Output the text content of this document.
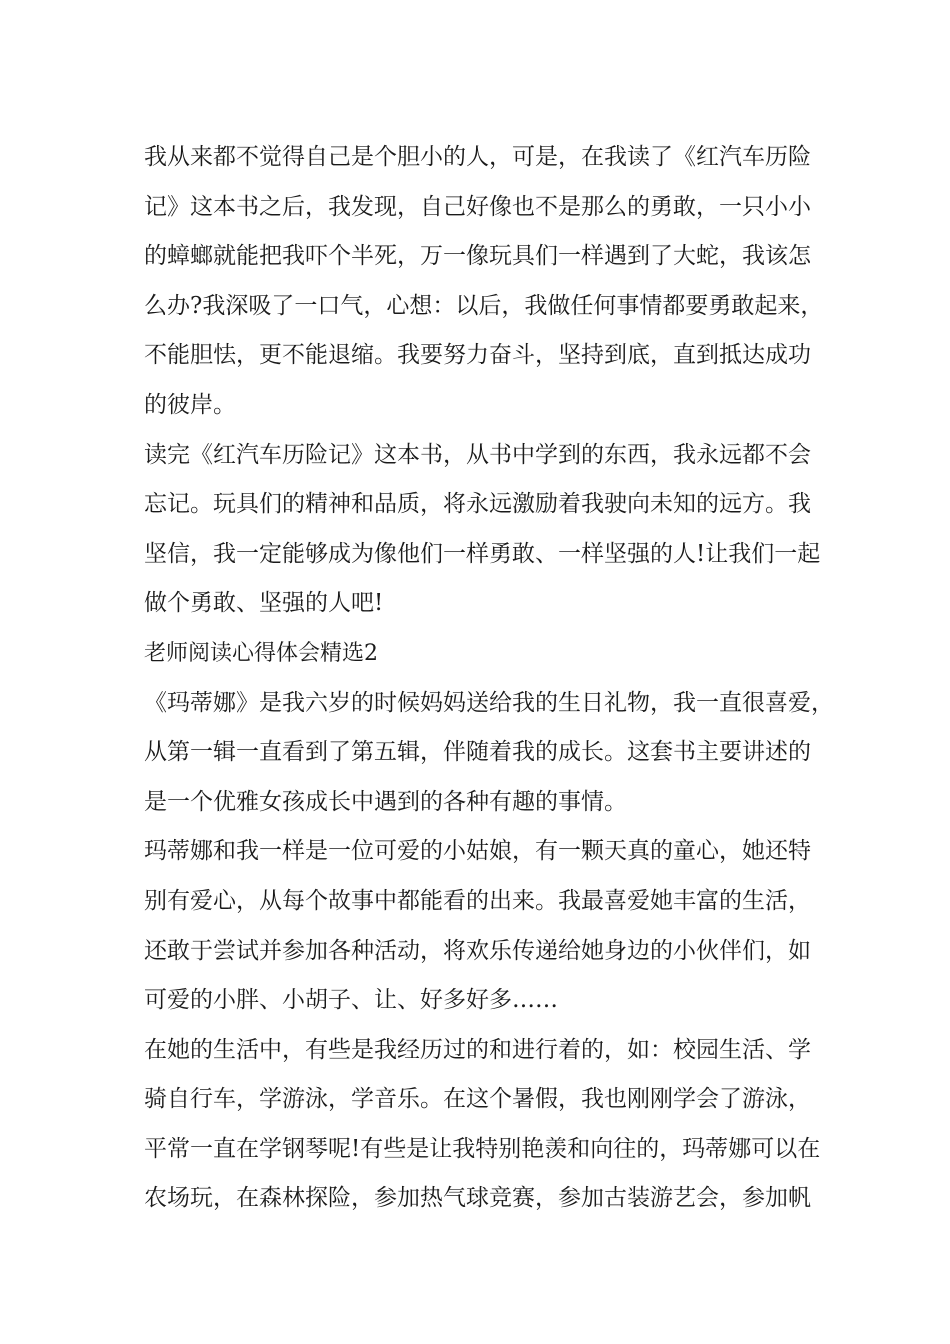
我从来都不觉得自己是个胆小的人，可是，在我读了《红汽车历险
记》这本书之后，我发现，自己好像也不是那么的勇敢，一只小小
的蟑螂就能把我吓个半死，万一像玩具们一样遇到了大蛇，我该怎
么办?我深吸了一口气，心想：以后，我做任何事情都要勇敢起来，
不能胆怯，更不能退缩。我要努力奋斗，坚持到底，直到抵达成功
的彼岸。
读完《红汽车历险记》这本书，从书中学到的东西，我永远都不会
忘记。玩具们的精神和品质，将永远激励着我驶向未知的远方。我
坚信，我一定能够成为像他们一样勇敢、一样坚强的人!让我们一起
做个勇敢、坚强的人吧!
老师阅读心得体会精选2
《玛蒂娜》是我六岁的时候妈妈送给我的生日礼物，我一直很喜爱，
从第一辑一直看到了第五辑，伴随着我的成长。这套书主要讲述的
是一个优雅女孩成长中遇到的各种有趣的事情。
玛蒂娜和我一样是一位可爱的小姑娘，有一颗天真的童心，她还特
别有爱心，从每个故事中都能看的出来。我最喜爱她丰富的生活，
还敢于尝试并参加各种活动，将欢乐传递给她身边的小伙伴们，如
可爱的小胖、小胡子、让、好多好多……
在她的生活中，有些是我经历过的和进行着的，如：校园生活、学
骑自行车，学游泳，学音乐。在这个暑假，我也刚刚学会了游泳，
平常一直在学钢琴呢!有些是让我特别艳羡和向往的，玛蒂娜可以在
农场玩，在森林探险，参加热气球竞赛，参加古装游艺会，参加帆
